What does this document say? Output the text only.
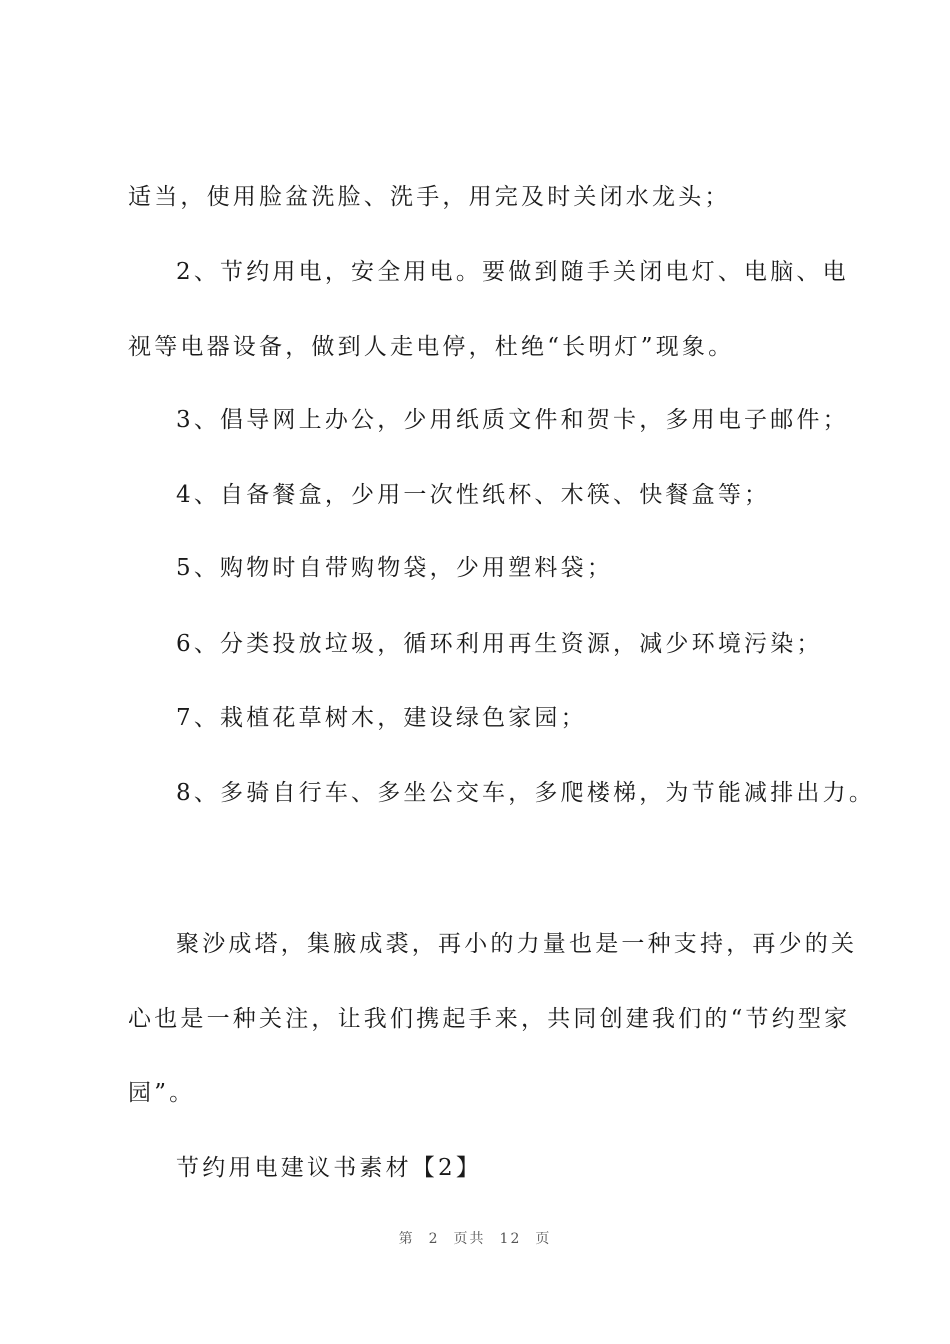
适当，使用脸盆洗脸、洗手，用完及时关闭水龙头；
2、节约用电，安全用电。要做到随手关闭电灯、电脑、电
视等电器设备，做到人走电停，杜绝“长明灯”现象。
3、倡导网上办公，少用纸质文件和贺卡，多用电子邮件；
4、自备餐盒，少用一次性纸杯、木筷、快餐盒等；
5、购物时自带购物袋，少用塑料袋；
6、分类投放垃圾，循环利用再生资源，减少环境污染；
7、栽植花草树木，建设绿色家园；
8、多骑自行车、多坐公交车，多爬楼梯，为节能减排出力。
聚沙成塔，集腋成裘，再小的力量也是一种支持，再少的关
心也是一种关注，让我们携起手来，共同创建我们的“节约型家
园”。
节约用电建议书素材【2】
第 2 页共 12 页
